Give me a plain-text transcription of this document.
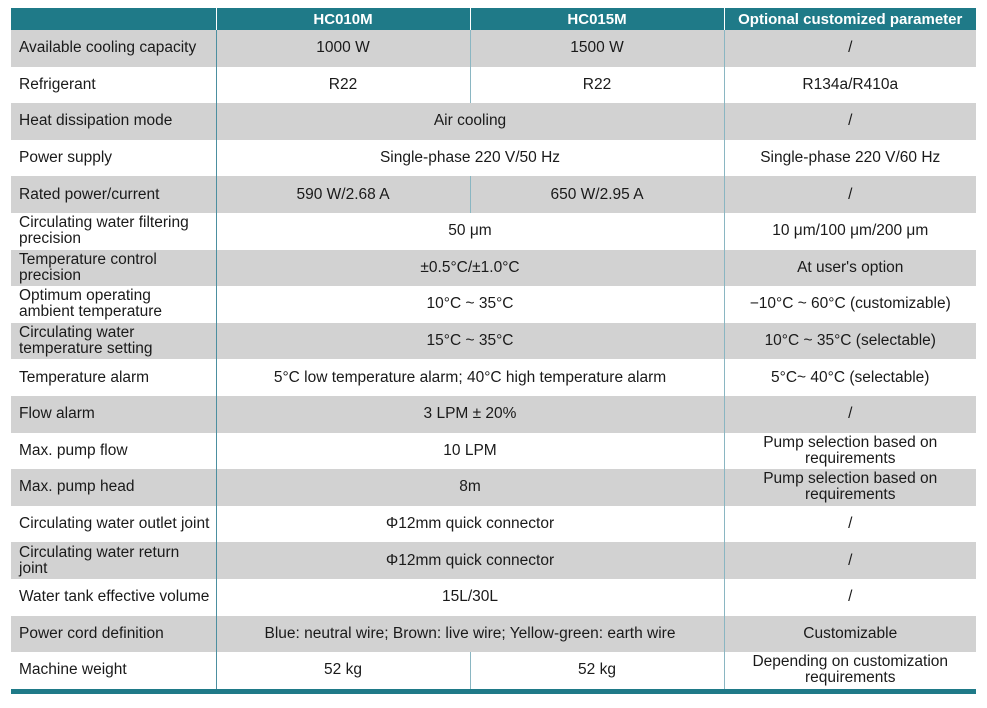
	HC010M	HC015M	Optional customized parameter
Available cooling capacity	1000 W	1500 W	/
Refrigerant	R22	R22	R134a/R410a
Heat dissipation mode	Air cooling		/
Power supply	Single-phase 220 V/50 Hz		Single-phase 220 V/60 Hz
Rated power/current	590 W/2.68 A	650 W/2.95 A	/
Circulating water filtering precision	50 μm		10 μm/100 μm/200 μm
Temperature control precision	±0.5°C/±1.0°C		At user's option
Optimum operating ambient temperature	10°C ~ 35°C		−10°C ~ 60°C (customizable)
Circulating water temperature setting	15°C ~ 35°C		10°C ~ 35°C (selectable)
Temperature alarm	5°C low temperature alarm; 40°C high temperature alarm		5°C~ 40°C (selectable)
Flow alarm	3 LPM ± 20%		/
Max. pump flow	10 LPM		Pump selection based on requirements
Max. pump head	8m		Pump selection based on requirements
Circulating water outlet joint	Φ12mm quick connector		/
Circulating water return joint	Φ12mm quick connector		/
Water tank effective volume	15L/30L		/
Power cord definition	Blue: neutral wire; Brown: live wire; Yellow-green: earth wire		Customizable
Machine weight	52 kg	52 kg	Depending on customization requirements
